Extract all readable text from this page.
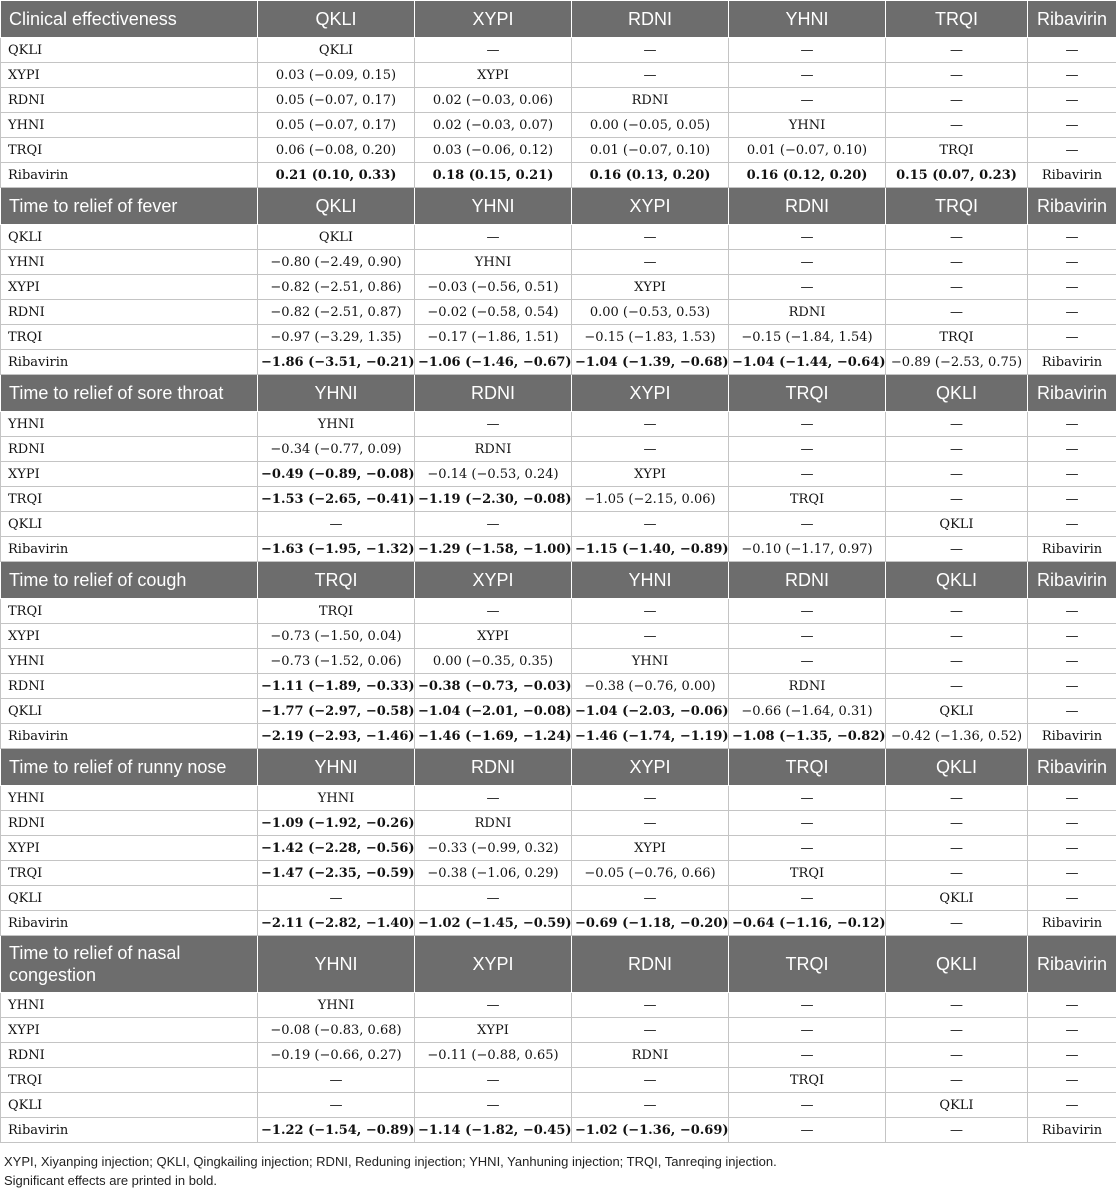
Clinical effectiveness	QKLI	XYPI	RDNI	YHNI	TRQI	Ribavirin
QKLI	QKLI	—	—	—	—	—
XYPI	0.03 (−0.09, 0.15)	XYPI	—	—	—	—
RDNI	0.05 (−0.07, 0.17)	0.02 (−0.03, 0.06)	RDNI	—	—	—
YHNI	0.05 (−0.07, 0.17)	0.02 (−0.03, 0.07)	0.00 (−0.05, 0.05)	YHNI	—	—
TRQI	0.06 (−0.08, 0.20)	0.03 (−0.06, 0.12)	0.01 (−0.07, 0.10)	0.01 (−0.07, 0.10)	TRQI	—
Ribavirin	0.21 (0.10, 0.33)	0.18 (0.15, 0.21)	0.16 (0.13, 0.20)	0.16 (0.12, 0.20)	0.15 (0.07, 0.23)	Ribavirin
Time to relief of fever	QKLI	YHNI	XYPI	RDNI	TRQI	Ribavirin
QKLI	QKLI	—	—	—	—	—
YHNI	−0.80 (−2.49, 0.90)	YHNI	—	—	—	—
XYPI	−0.82 (−2.51, 0.86)	−0.03 (−0.56, 0.51)	XYPI	—	—	—
RDNI	−0.82 (−2.51, 0.87)	−0.02 (−0.58, 0.54)	0.00 (−0.53, 0.53)	RDNI	—	—
TRQI	−0.97 (−3.29, 1.35)	−0.17 (−1.86, 1.51)	−0.15 (−1.83, 1.53)	−0.15 (−1.84, 1.54)	TRQI	—
Ribavirin	−1.86 (−3.51, −0.21)	−1.06 (−1.46, −0.67)	−1.04 (−1.39, −0.68)	−1.04 (−1.44, −0.64)	−0.89 (−2.53, 0.75)	Ribavirin
Time to relief of sore throat	YHNI	RDNI	XYPI	TRQI	QKLI	Ribavirin
YHNI	YHNI	—	—	—	—	—
RDNI	−0.34 (−0.77, 0.09)	RDNI	—	—	—	—
XYPI	−0.49 (−0.89, −0.08)	−0.14 (−0.53, 0.24)	XYPI	—	—	—
TRQI	−1.53 (−2.65, −0.41)	−1.19 (−2.30, −0.08)	−1.05 (−2.15, 0.06)	TRQI	—	—
QKLI	—	—	—	—	QKLI	—
Ribavirin	−1.63 (−1.95, −1.32)	−1.29 (−1.58, −1.00)	−1.15 (−1.40, −0.89)	−0.10 (−1.17, 0.97)	—	Ribavirin
Time to relief of cough	TRQI	XYPI	YHNI	RDNI	QKLI	Ribavirin
TRQI	TRQI	—	—	—	—	—
XYPI	−0.73 (−1.50, 0.04)	XYPI	—	—	—	—
YHNI	−0.73 (−1.52, 0.06)	0.00 (−0.35, 0.35)	YHNI	—	—	—
RDNI	−1.11 (−1.89, −0.33)	−0.38 (−0.73, −0.03)	−0.38 (−0.76, 0.00)	RDNI	—	—
QKLI	−1.77 (−2.97, −0.58)	−1.04 (−2.01, −0.08)	−1.04 (−2.03, −0.06)	−0.66 (−1.64, 0.31)	QKLI	—
Ribavirin	−2.19 (−2.93, −1.46)	−1.46 (−1.69, −1.24)	−1.46 (−1.74, −1.19)	−1.08 (−1.35, −0.82)	−0.42 (−1.36, 0.52)	Ribavirin
Time to relief of runny nose	YHNI	RDNI	XYPI	TRQI	QKLI	Ribavirin
YHNI	YHNI	—	—	—	—	—
RDNI	−1.09 (−1.92, −0.26)	RDNI	—	—	—	—
XYPI	−1.42 (−2.28, −0.56)	−0.33 (−0.99, 0.32)	XYPI	—	—	—
TRQI	−1.47 (−2.35, −0.59)	−0.38 (−1.06, 0.29)	−0.05 (−0.76, 0.66)	TRQI	—	—
QKLI	—	—	—	—	QKLI	—
Ribavirin	−2.11 (−2.82, −1.40)	−1.02 (−1.45, −0.59)	−0.69 (−1.18, −0.20)	−0.64 (−1.16, −0.12)	—	Ribavirin
Time to relief of nasal congestion	YHNI	XYPI	RDNI	TRQI	QKLI	Ribavirin
YHNI	YHNI	—	—	—	—	—
XYPI	−0.08 (−0.83, 0.68)	XYPI	—	—	—	—
RDNI	−0.19 (−0.66, 0.27)	−0.11 (−0.88, 0.65)	RDNI	—	—	—
TRQI	—	—	—	TRQI	—	—
QKLI	—	—	—	—	QKLI	—
Ribavirin	−1.22 (−1.54, −0.89)	−1.14 (−1.82, −0.45)	−1.02 (−1.36, −0.69)	—	—	Ribavirin
XYPI, Xiyanping injection; QKLI, Qingkailing injection; RDNI, Reduning injection; YHNI, Yanhuning injection; TRQI, Tanreqing injection.
Significant effects are printed in bold.
